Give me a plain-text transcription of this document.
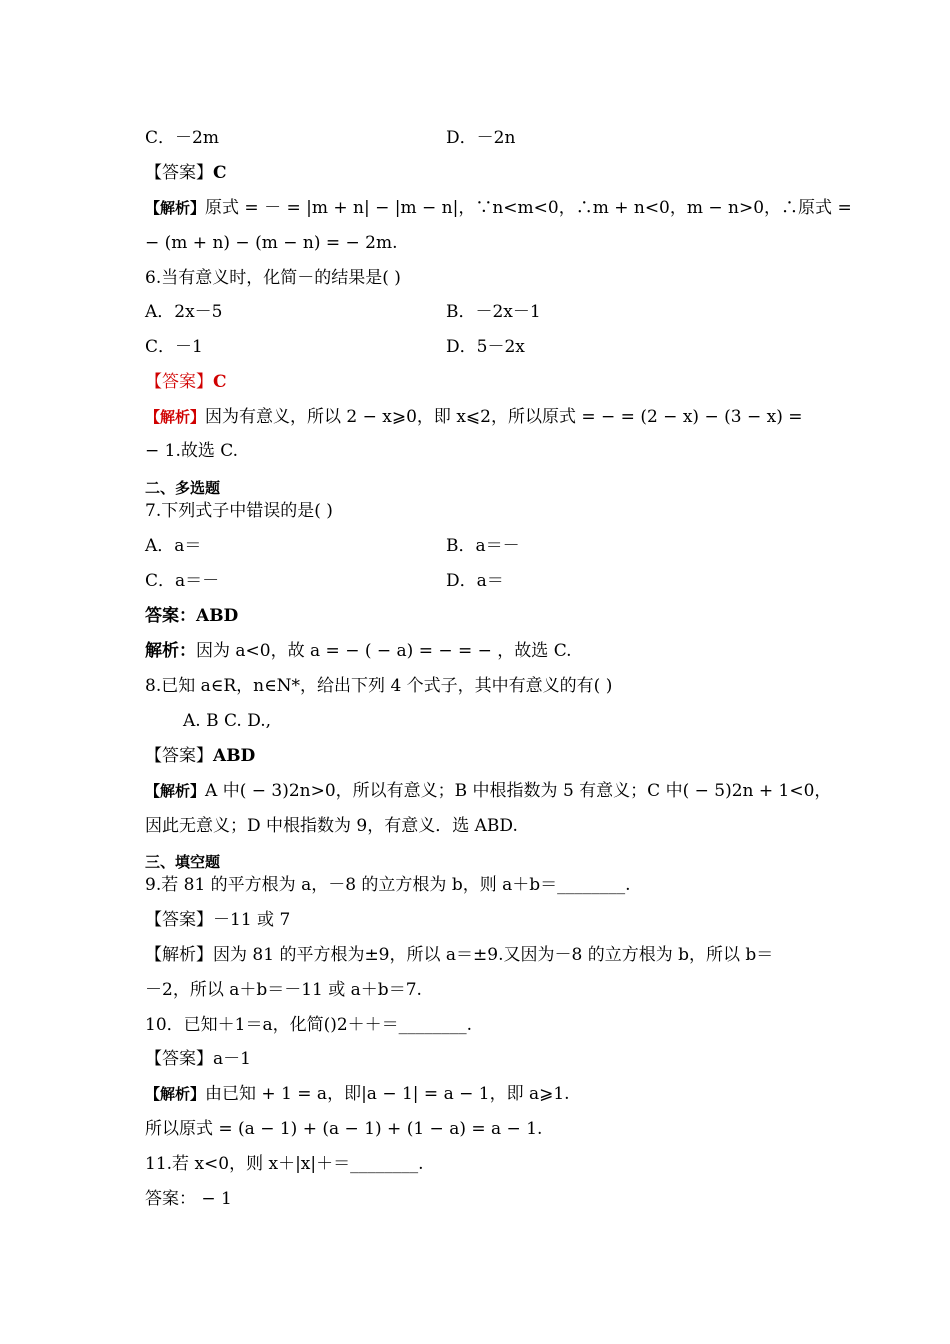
C．－2m	D．－2n
【答案】C
【解析】原式 = － = |m + n| − |m − n|，∵n<m<0，∴m + n<0，m − n>0，∴原式 =
− (m + n) − (m − n) = − 2m.
6.当有意义时，化简－的结果是( )
A．2x－5	B．－2x－1
C．－1	D．5－2x
【答案】C
【解析】因为有意义，所以 2 − x⩾0，即 x⩽2，所以原式 = − = (2 − x) − (3 − x) =
− 1.故选 C.
二、多选题
7.下列式子中错误的是( )
A．a＝	B．a＝－
C．a＝－	D．a＝
答案：ABD
解析：因为 a<0，故 a = − ( − a) = − = − ，故选 C.
8.已知 a∈R，n∈N*，给出下列 4 个式子，其中有意义的有( )
A. B C. D.,
【答案】ABD
【解析】A 中( − 3)2n>0，所以有意义；B 中根指数为 5 有意义；C 中( − 5)2n + 1<0，
因此无意义；D 中根指数为 9，有意义．选 ABD.
三、填空题
9.若 81 的平方根为 a，－8 的立方根为 b，则 a＋b＝________.
【答案】－11 或 7
【解析】因为 81 的平方根为±9，所以 a＝±9.又因为－8 的立方根为 b，所以 b＝
－2，所以 a＋b＝－11 或 a＋b＝7.
10．已知＋1＝a，化简()2＋＋＝________.
【答案】a－1
【解析】由已知 + 1 = a，即|a − 1| = a − 1，即 a⩾1.
所以原式 = (a − 1) + (a − 1) + (1 − a) = a − 1.
11.若 x<0，则 x＋|x|＋＝________.
答案： − 1
